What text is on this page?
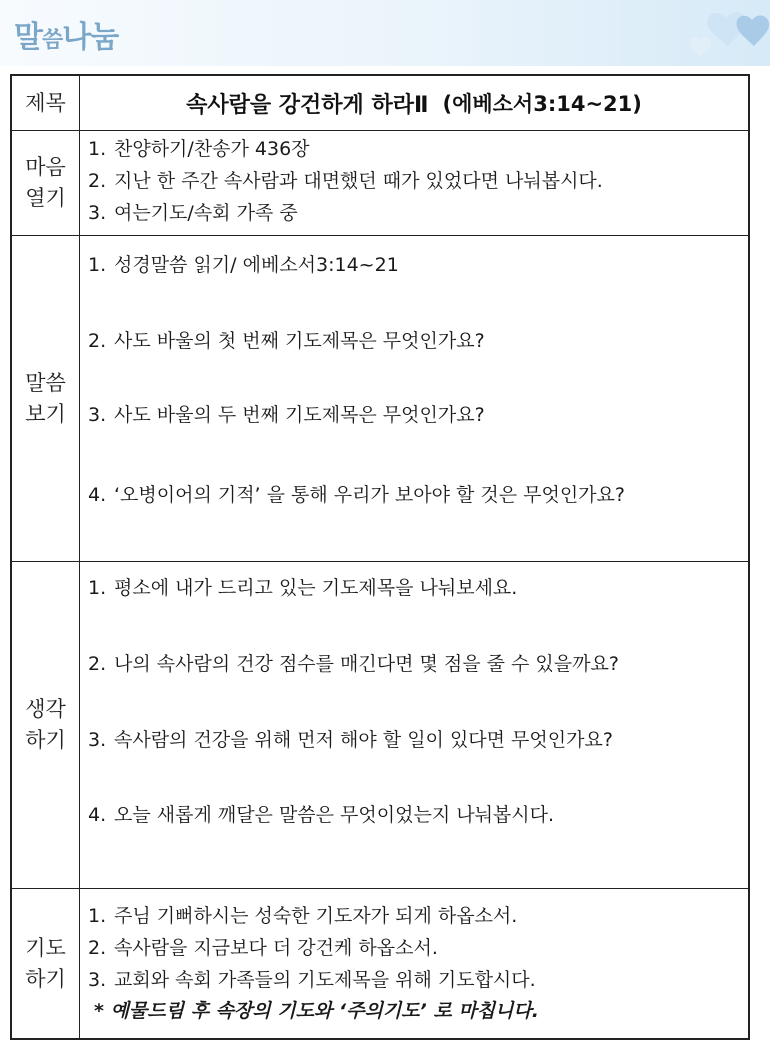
말씀나눔
제목	속사람을 강건하게 하라Ⅱ (에베소서3:14~21)
마음
열기
1. 찬양하기/찬송가 436장
2. 지난 한 주간 속사람과 대면했던 때가 있었다면 나눠봅시다.
3. 여는기도/속회 가족 중
말씀
보기
1. 성경말씀 읽기/ 에베소서3:14~21
2. 사도 바울의 첫 번째 기도제목은 무엇인가요?
3. 사도 바울의 두 번째 기도제목은 무엇인가요?
4. ‘오병이어의 기적’ 을 통해 우리가 보아야 할 것은 무엇인가요?
생각
하기
1. 평소에 내가 드리고 있는 기도제목을 나눠보세요.
2. 나의 속사람의 건강 점수를 매긴다면 몇 점을 줄 수 있을까요?
3. 속사람의 건강을 위해 먼저 해야 할 일이 있다면 무엇인가요?
4. 오늘 새롭게 깨달은 말씀은 무엇이었는지 나눠봅시다.
기도
하기
1. 주님 기뻐하시는 성숙한 기도자가 되게 하옵소서.
2. 속사람을 지금보다 더 강건케 하옵소서.
3. 교회와 속회 가족들의 기도제목을 위해 기도합시다.
* 예물드림 후 속장의 기도와 ‘주의기도’ 로 마칩니다.
